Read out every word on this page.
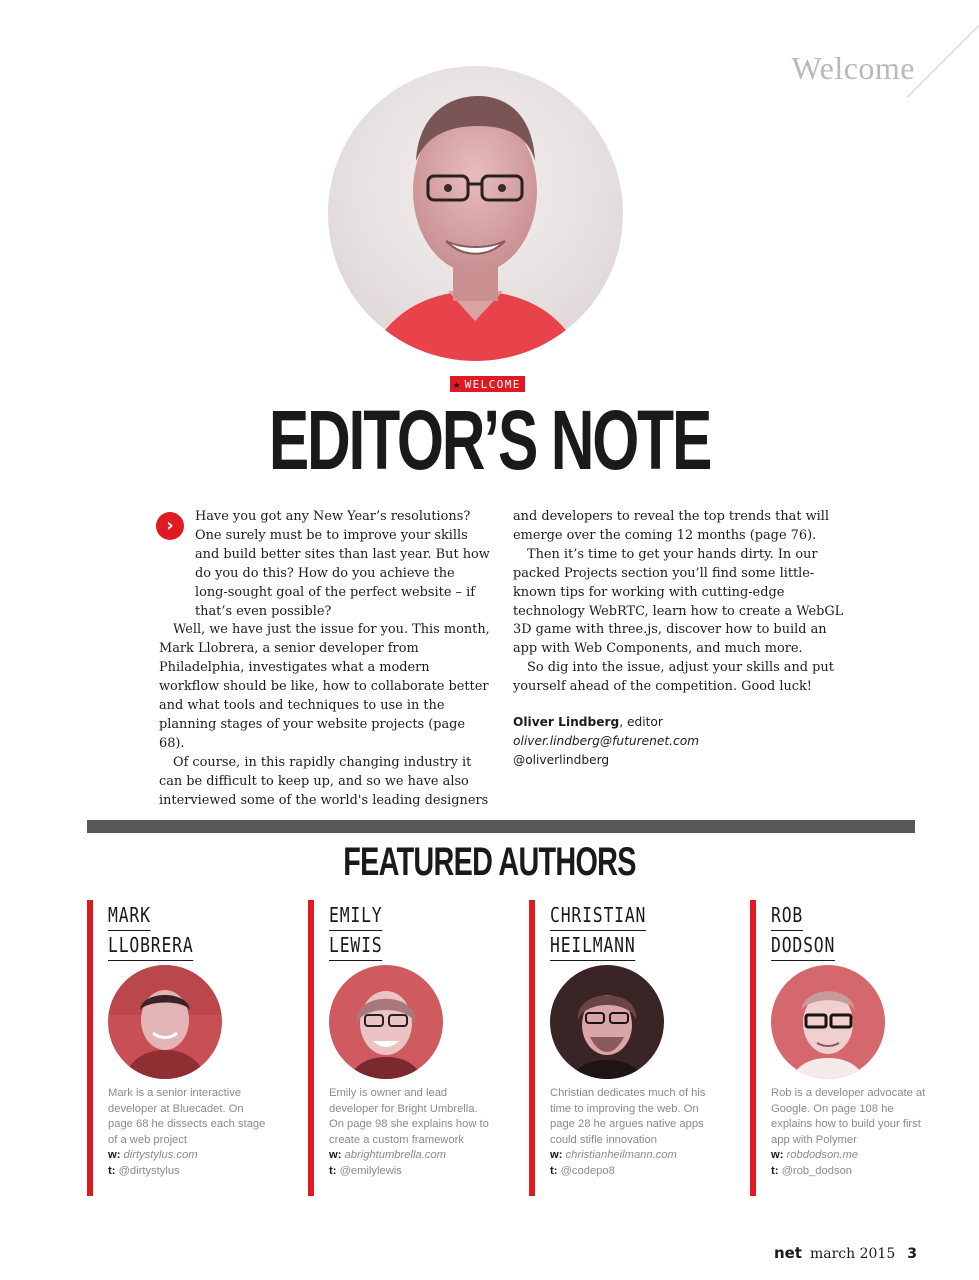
Welcome
★ WELCOME
EDITOR’S NOTE
›	Have you got any New Year’s resolutions? One surely must be to improve your skills and build better sites than last year. But how do you do this? How do you achieve the long-sought goal of the perfect website – if that’s even possible?

Well, we have just the issue for you. This month, Mark Llobrera, a senior developer from Philadelphia, investigates what a modern workflow should be like, how to collaborate better and what tools and techniques to use in the planning stages of your website projects (page 68).

Of course, in this rapidly changing industry it can be difficult to keep up, and so we have also interviewed some of the world's leading designers

and developers to reveal the top trends that will emerge over the coming 12 months (page 76).

Then it’s time to get your hands dirty. In our packed Projects section you’ll find some little-known tips for working with cutting-edge technology WebRTC, learn how to create a WebGL 3D game with three.js, discover how to build an app with Web Components, and much more.

So dig into the issue, adjust your skills and put yourself ahead of the competition. Good luck!

Oliver Lindberg, editor
oliver.lindberg@futurenet.com
@oliverlindberg
FEATURED AUTHORS
MARK
LLOBRERA
Mark is a senior interactive developer at Bluecadet. On page 68 he dissects each stage of a web project
w: dirtystylus.com
t: @dirtystylus
EMILY
LEWIS
Emily is owner and lead developer for Bright Umbrella. On page 98 she explains how to create a custom framework
w: abrightumbrella.com
t: @emilylewis
CHRISTIAN
HEILMANN
Christian dedicates much of his time to improving the web. On page 28 he argues native apps could stifle innovation
w: christianheilmann.com
t: @codepo8
ROB
DODSON
Rob is a developer advocate at Google. On page 108 he explains how to build your first app with Polymer
w: robdodson.me
t: @rob_dodson
net march 2015 3
